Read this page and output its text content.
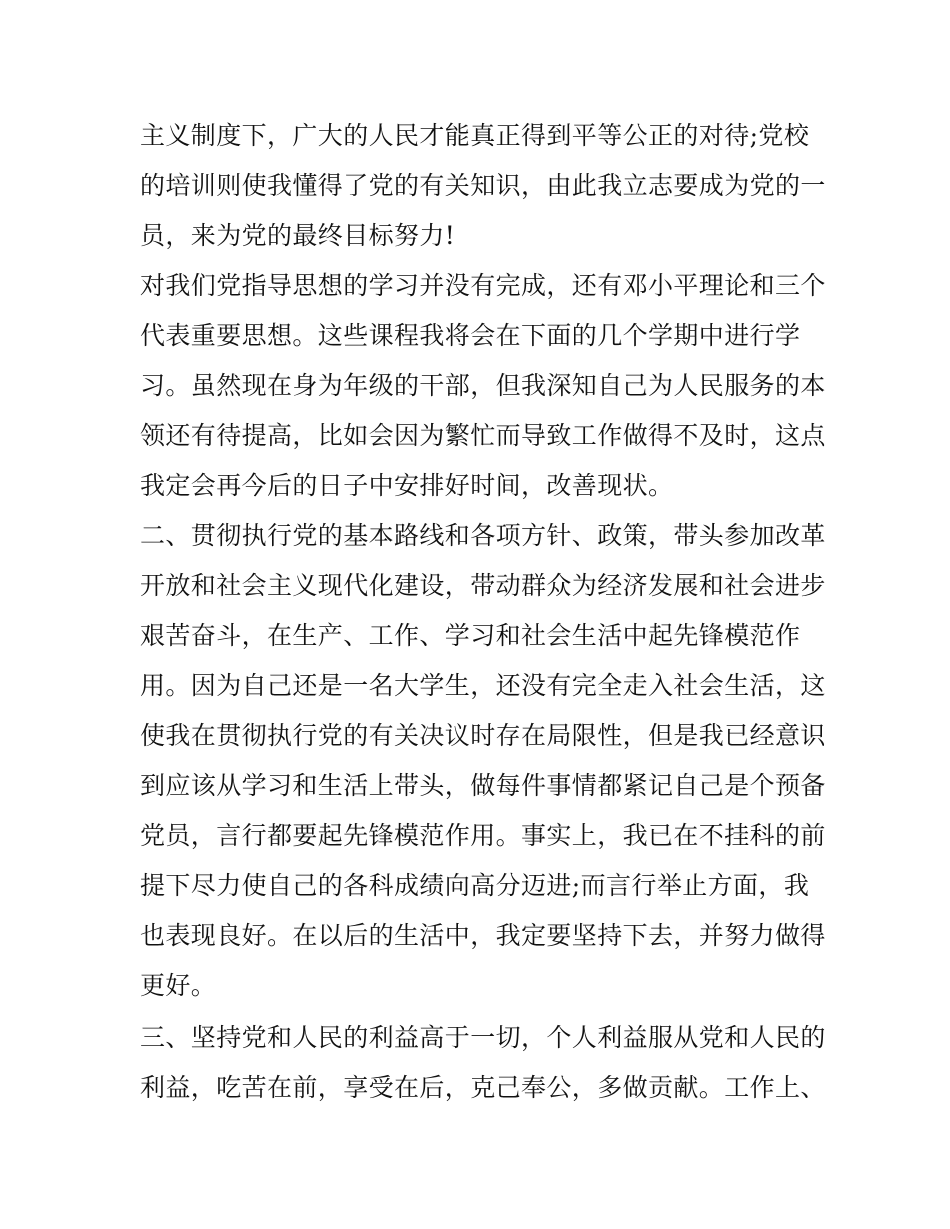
主义制度下，广大的人民才能真正得到平等公正的对待;党校
的培训则使我懂得了党的有关知识，由此我立志要成为党的一
员，来为党的最终目标努力!
对我们党指导思想的学习并没有完成，还有邓小平理论和三个
代表重要思想。这些课程我将会在下面的几个学期中进行学
习。虽然现在身为年级的干部，但我深知自己为人民服务的本
领还有待提高，比如会因为繁忙而导致工作做得不及时，这点
我定会再今后的日子中安排好时间，改善现状。
二、贯彻执行党的基本路线和各项方针、政策，带头参加改革
开放和社会主义现代化建设，带动群众为经济发展和社会进步
艰苦奋斗，在生产、工作、学习和社会生活中起先锋模范作
用。因为自己还是一名大学生，还没有完全走入社会生活，这
使我在贯彻执行党的有关决议时存在局限性，但是我已经意识
到应该从学习和生活上带头，做每件事情都紧记自己是个预备
党员，言行都要起先锋模范作用。事实上，我已在不挂科的前
提下尽力使自己的各科成绩向高分迈进;而言行举止方面，我
也表现良好。在以后的生活中，我定要坚持下去，并努力做得
更好。
三、坚持党和人民的利益高于一切，个人利益服从党和人民的
利益，吃苦在前，享受在后，克己奉公，多做贡献。工作上、
